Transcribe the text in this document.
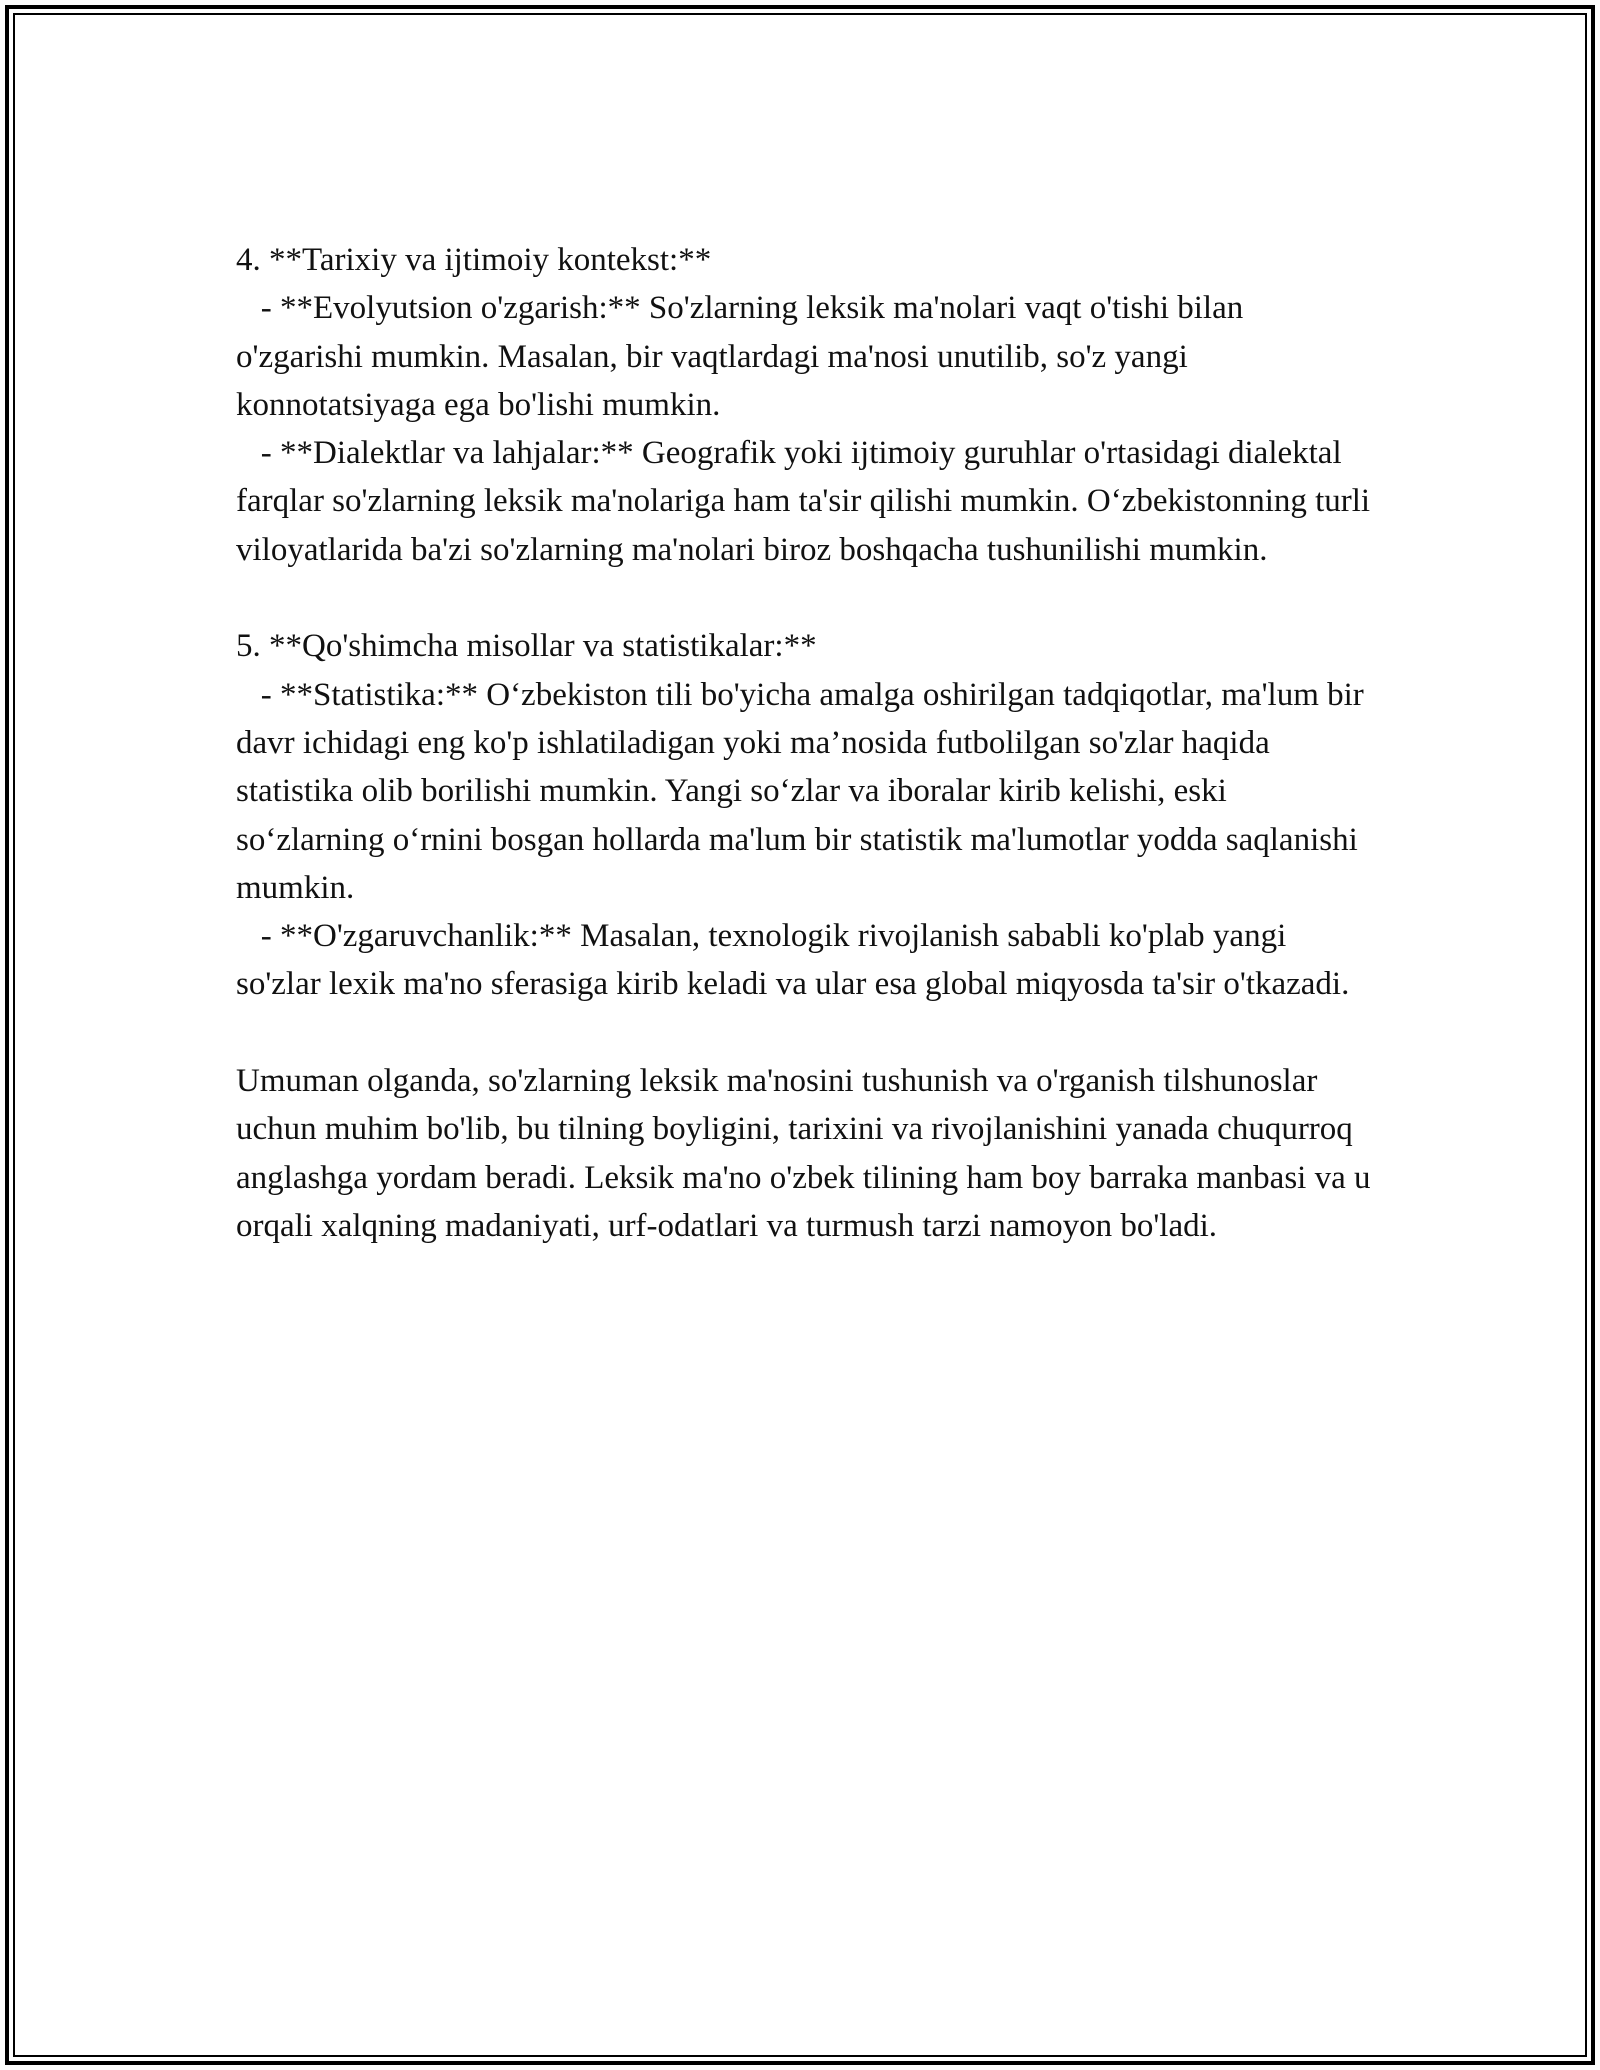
4. **Tarixiy va ijtimoiy kontekst:**

- **Evolyutsion o'zgarish:** So'zlarning leksik ma'nolari vaqt o'tishi bilan o'zgarishi mumkin. Masalan, bir vaqtlardagi ma'nosi unutilib, so'z yangi konnotatsiyaga ega bo'lishi mumkin.

- **Dialektlar va lahjalar:** Geografik yoki ijtimoiy guruhlar o'rtasidagi dialektal farqlar so'zlarning leksik ma'nolariga ham ta'sir qilishi mumkin. O‘zbekistonning turli viloyatlarida ba'zi so'zlarning ma'nolari biroz boshqacha tushunilishi mumkin.

5. **Qo'shimcha misollar va statistikalar:**

- **Statistika:** O‘zbekiston tili bo'yicha amalga oshirilgan tadqiqotlar, ma'lum bir davr ichidagi eng ko'p ishlatiladigan yoki ma’nosida futbolilgan so'zlar haqida statistika olib borilishi mumkin. Yangi so‘zlar va iboralar kirib kelishi, eski so‘zlarning o‘rnini bosgan hollarda ma'lum bir statistik ma'lumotlar yodda saqlanishi mumkin.

- **O'zgaruvchanlik:** Masalan, texnologik rivojlanish sababli ko'plab yangi so'zlar lexik ma'no sferasiga kirib keladi va ular esa global miqyosda ta'sir o'tkazadi.

Umuman olganda, so'zlarning leksik ma'nosini tushunish va o'rganish tilshunoslar uchun muhim bo'lib, bu tilning boyligini, tarixini va rivojlanishini yanada chuqurroq anglashga yordam beradi. Leksik ma'no o'zbek tilining ham boy barraka manbasi va u orqali xalqning madaniyati, urf-odatlari va turmush tarzi namoyon bo'ladi.
